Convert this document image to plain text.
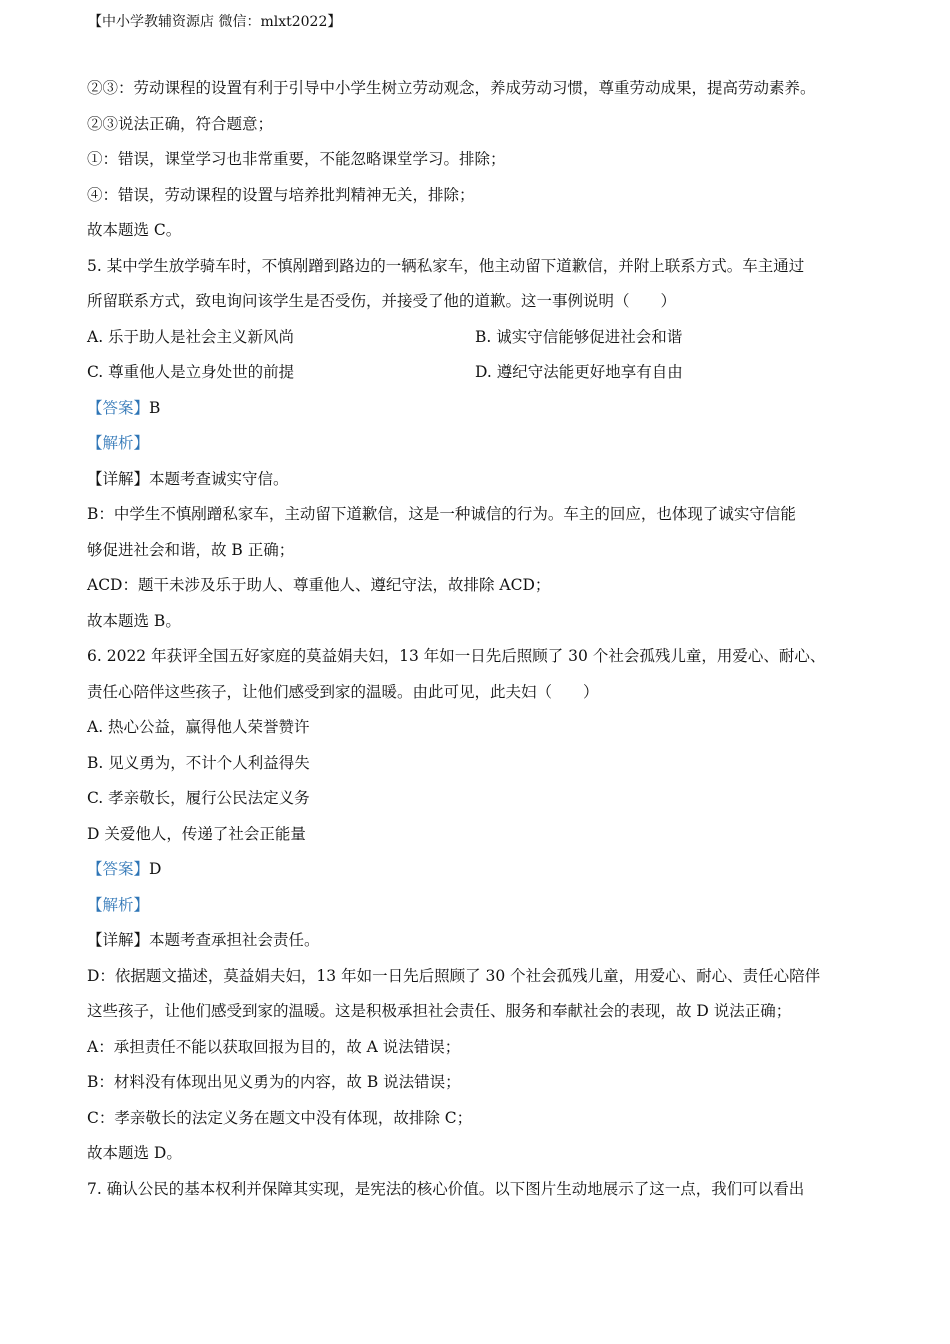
【中小学教辅资源店 微信：mlxt2022】
②③：劳动课程的设置有利于引导中小学生树立劳动观念，养成劳动习惯，尊重劳动成果，提高劳动素养。
②③说法正确，符合题意；
①：错误，课堂学习也非常重要，不能忽略课堂学习。排除；
④：错误，劳动课程的设置与培养批判精神无关，排除；
故本题选 C。
5. 某中学生放学骑车时，不慎剐蹭到路边的一辆私家车，他主动留下道歉信，并附上联系方式。车主通过
所留联系方式，致电询问该学生是否受伤，并接受了他的道歉。这一事例说明（　　）
A. 乐于助人是社会主义新风尚	B. 诚实守信能够促进社会和谐
C. 尊重他人是立身处世的前提	D. 遵纪守法能更好地享有自由
【答案】B
【解析】
【详解】本题考查诚实守信。
B：中学生不慎剐蹭私家车，主动留下道歉信，这是一种诚信的行为。车主的回应，也体现了诚实守信能
够促进社会和谐，故 B 正确；
ACD：题干未涉及乐于助人、尊重他人、遵纪守法，故排除 ACD；
故本题选 B。
6. 2022 年获评全国五好家庭的莫益娟夫妇，13 年如一日先后照顾了 30 个社会孤残儿童，用爱心、耐心、
责任心陪伴这些孩子，让他们感受到家的温暖。由此可见，此夫妇（　　）
A. 热心公益，赢得他人荣誉赞许
B. 见义勇为，不计个人利益得失
C. 孝亲敬长，履行公民法定义务
D 关爱他人，传递了社会正能量
【答案】D
【解析】
【详解】本题考查承担社会责任。
D：依据题文描述，莫益娟夫妇，13 年如一日先后照顾了 30 个社会孤残儿童，用爱心、耐心、责任心陪伴
这些孩子，让他们感受到家的温暖。这是积极承担社会责任、服务和奉献社会的表现，故 D 说法正确；
A：承担责任不能以获取回报为目的，故 A 说法错误；
B：材料没有体现出见义勇为的内容，故 B 说法错误；
C：孝亲敬长的法定义务在题文中没有体现，故排除 C；
故本题选 D。
7. 确认公民的基本权利并保障其实现，是宪法的核心价值。以下图片生动地展示了这一点，我们可以看出
